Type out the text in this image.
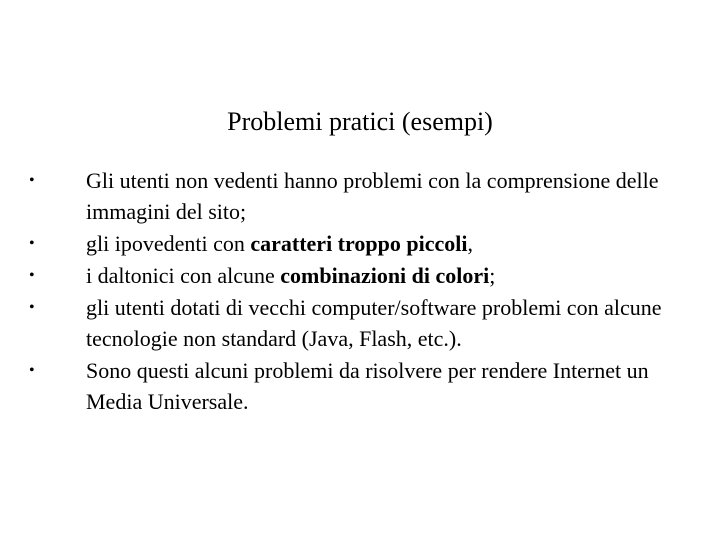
Problemi pratici (esempi)
• Gli utenti non vedenti hanno problemi con la comprensione delle immagini del sito;
• gli ipovedenti con caratteri troppo piccoli,
• i daltonici con alcune combinazioni di colori;
• gli utenti dotati di vecchi computer/software problemi con alcune tecnologie non standard (Java, Flash, etc.).
• Sono questi alcuni problemi da risolvere per rendere Internet un Media Universale.
